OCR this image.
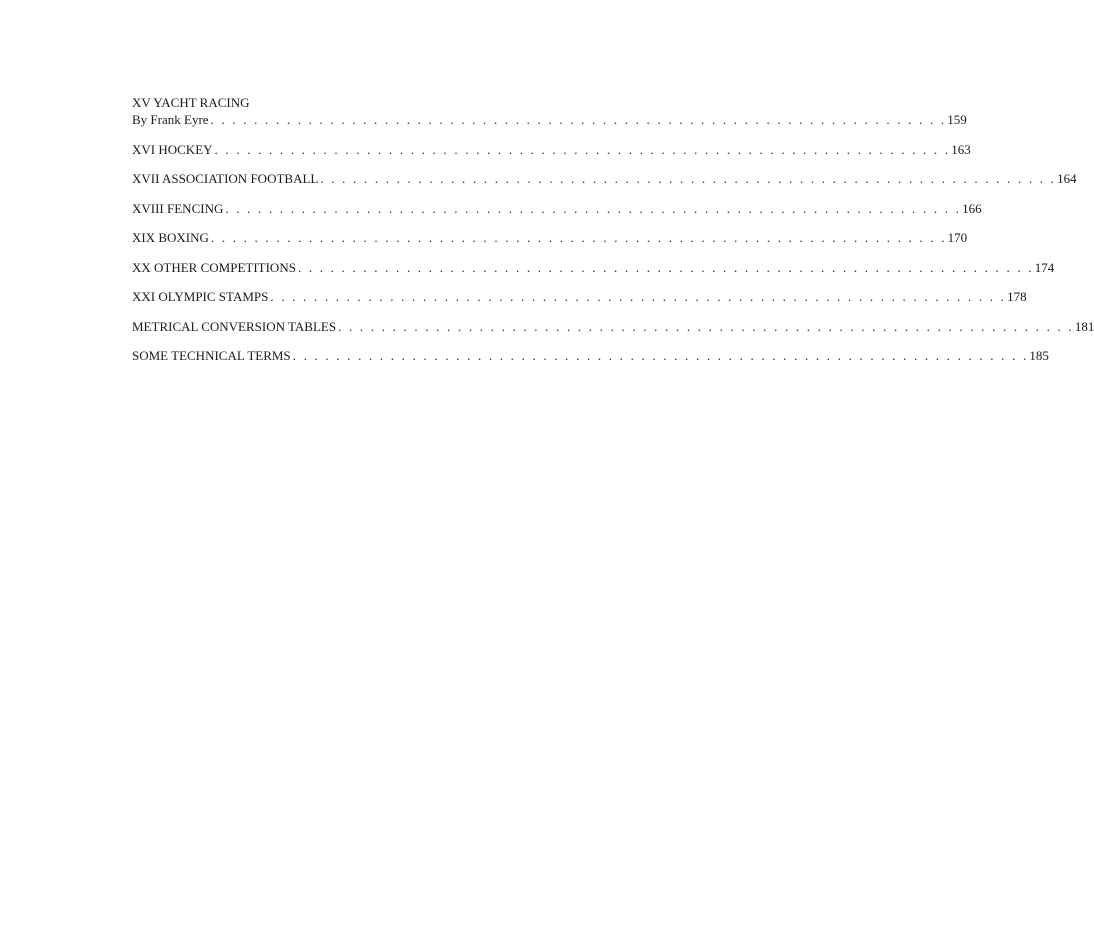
XV YACHT RACING
By Frank Eyre . . . . . . . . . . . . . . . . . . . . . . . . . . . . . . . . . . . . . . . . . . . . . . . . . . . . . . . . . . . . . . . . . . . . 159
XVI HOCKEY . . . . . . . . . . . . . . . . . . . . . . . . . . . . . . . . . . . . . . . . . . . . . . . . . . . . . . . . . . . . . . . . . . . . 163
XVII ASSOCIATION FOOTBALL . . . . . . . . . . . . . . . . . . . . . . . . . . . . . . . . . . . . . . . . . . . . . . . . . . . . . . . . . . . . . . . . . . . . 164
XVIII FENCING . . . . . . . . . . . . . . . . . . . . . . . . . . . . . . . . . . . . . . . . . . . . . . . . . . . . . . . . . . . . . . . . . . . . 166
XIX BOXING . . . . . . . . . . . . . . . . . . . . . . . . . . . . . . . . . . . . . . . . . . . . . . . . . . . . . . . . . . . . . . . . . . . . 170
XX OTHER COMPETITIONS . . . . . . . . . . . . . . . . . . . . . . . . . . . . . . . . . . . . . . . . . . . . . . . . . . . . . . . . . . . . . . . . . . . . 174
XXI OLYMPIC STAMPS . . . . . . . . . . . . . . . . . . . . . . . . . . . . . . . . . . . . . . . . . . . . . . . . . . . . . . . . . . . . . . . . . . . . 178
METRICAL CONVERSION TABLES . . . . . . . . . . . . . . . . . . . . . . . . . . . . . . . . . . . . . . . . . . . . . . . . . . . . . . . . . . . . . . . . . . . . 181
SOME TECHNICAL TERMS . . . . . . . . . . . . . . . . . . . . . . . . . . . . . . . . . . . . . . . . . . . . . . . . . . . . . . . . . . . . . . . . . . . . 185
